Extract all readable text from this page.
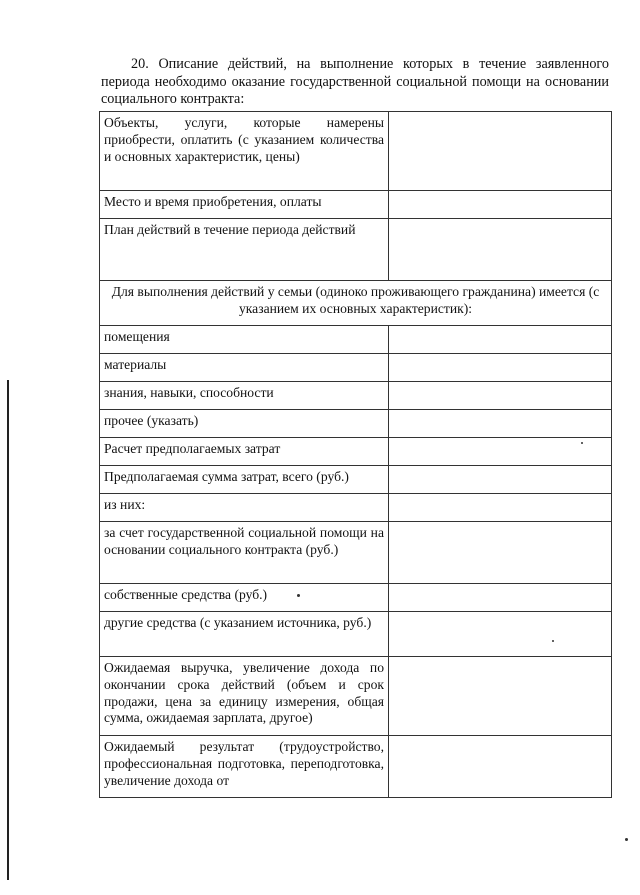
20. Описание действий, на выполнение которых в течение заявленного периода необходимо оказание государственной социальной помощи на основании социального контракта:

Объекты, услуги, которые намерены приобрести, оплатить (с указанием количества и основных характеристик, цены)	
Место и время приобретения, оплаты	
План действий в течение периода действий	
Для выполнения действий у семьи (одиноко проживающего гражданина) имеется (с указанием их основных характеристик):	
помещения	
материалы	
знания, навыки, способности	
прочее (указать)	
Расчет предполагаемых затрат	
Предполагаемая сумма затрат, всего (руб.)	
из них:	
за счет государственной социальной помощи на основании социального контракта (руб.)	
собственные средства (руб.)	
другие средства (с указанием источника, руб.)	
Ожидаемая выручка, увеличение дохода по окончании срока действий (объем и срок продажи, цена за единицу измерения, общая сумма, ожидаемая зарплата, другое)	
Ожидаемый результат (трудоустройство, профессиональная подготовка, переподготовка, увеличение дохода от	
